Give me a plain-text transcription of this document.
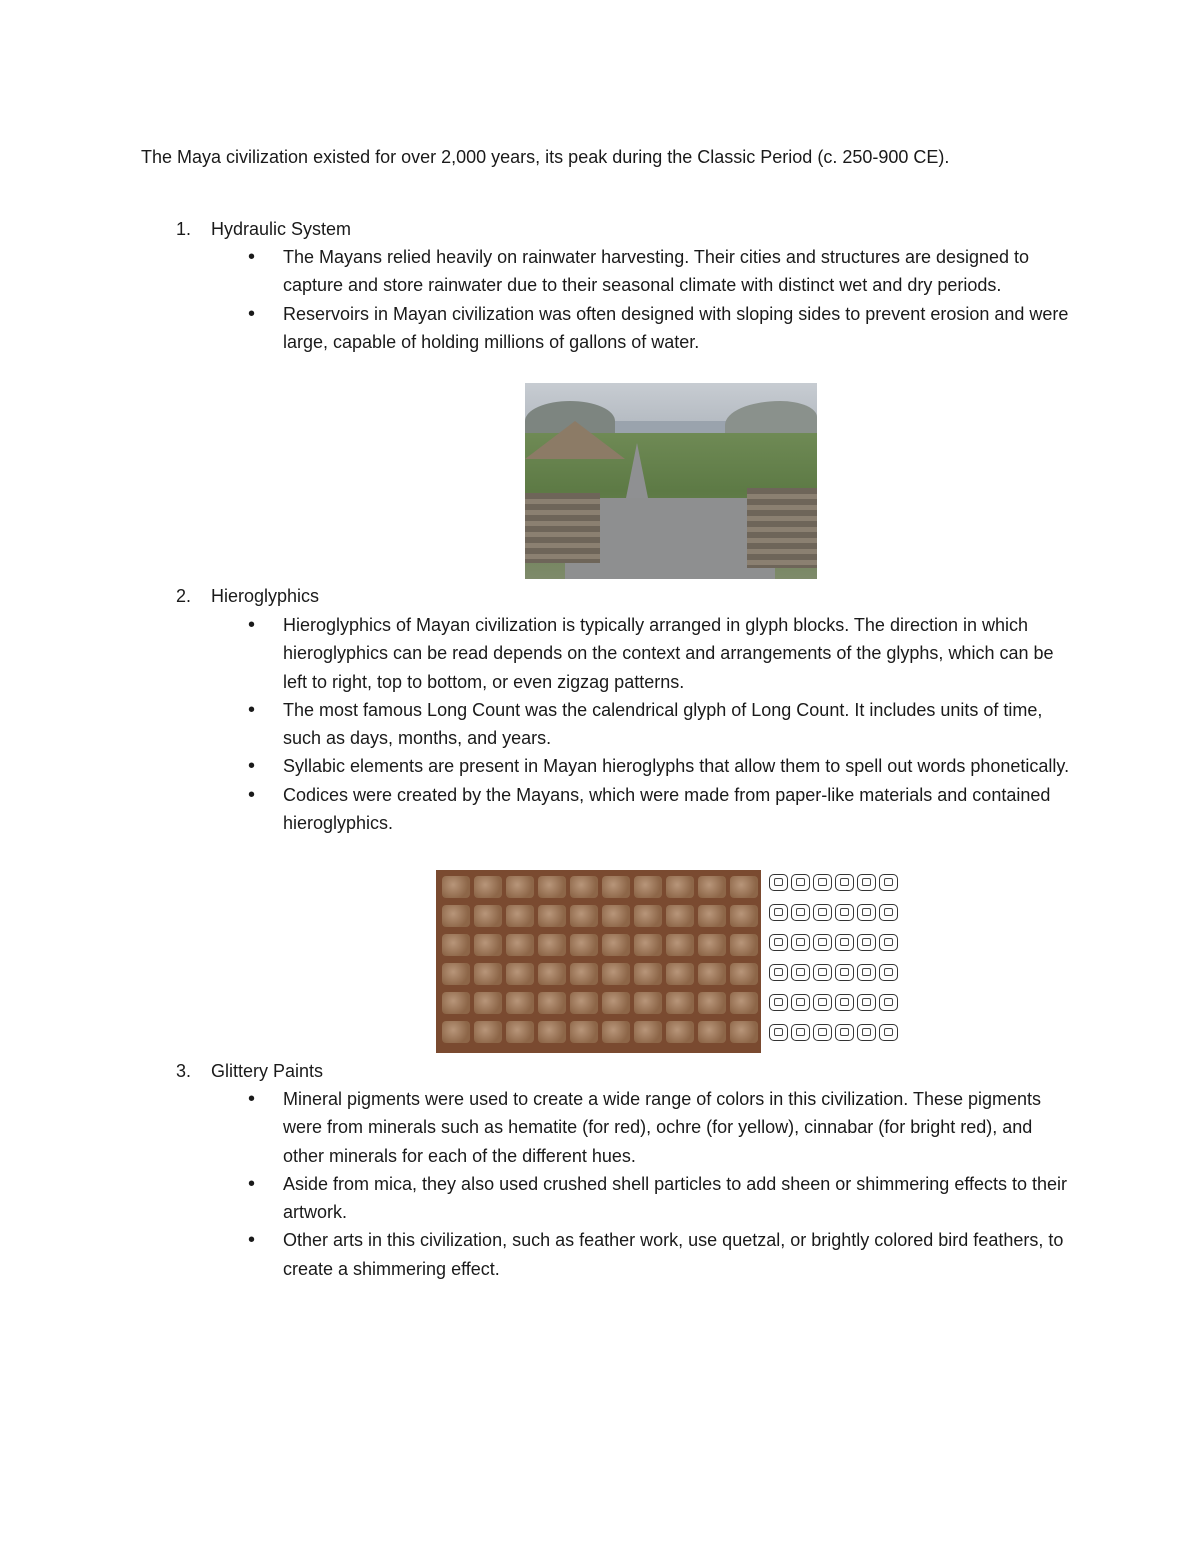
The Maya civilization existed for over 2,000 years, its peak during the Classic Period (c. 250-900 CE).
1. Hydraulic System
• The Mayans relied heavily on rainwater harvesting. Their cities and structures are designed to capture and store rainwater due to their seasonal climate with distinct wet and dry periods.
• Reservoirs in Mayan civilization was often designed with sloping sides to prevent erosion and were large, capable of holding millions of gallons of water.
2. Hieroglyphics
• Hieroglyphics of Mayan civilization is typically arranged in glyph blocks. The direction in which hieroglyphics can be read depends on the context and arrangements of the glyphs, which can be left to right, top to bottom, or even zigzag patterns.
• The most famous Long Count was the calendrical glyph of Long Count. It includes units of time, such as days, months, and years.
• Syllabic elements are present in Mayan hieroglyphs that allow them to spell out words phonetically.
• Codices were created by the Mayans, which were made from paper-like materials and contained hieroglyphics.
3. Glittery Paints
• Mineral pigments were used to create a wide range of colors in this civilization. These pigments were from minerals such as hematite (for red), ochre (for yellow), cinnabar (for bright red), and other minerals for each of the different hues.
• Aside from mica, they also used crushed shell particles to add sheen or shimmering effects to their artwork.
• Other arts in this civilization, such as feather work, use quetzal, or brightly colored bird feathers, to create a shimmering effect.
